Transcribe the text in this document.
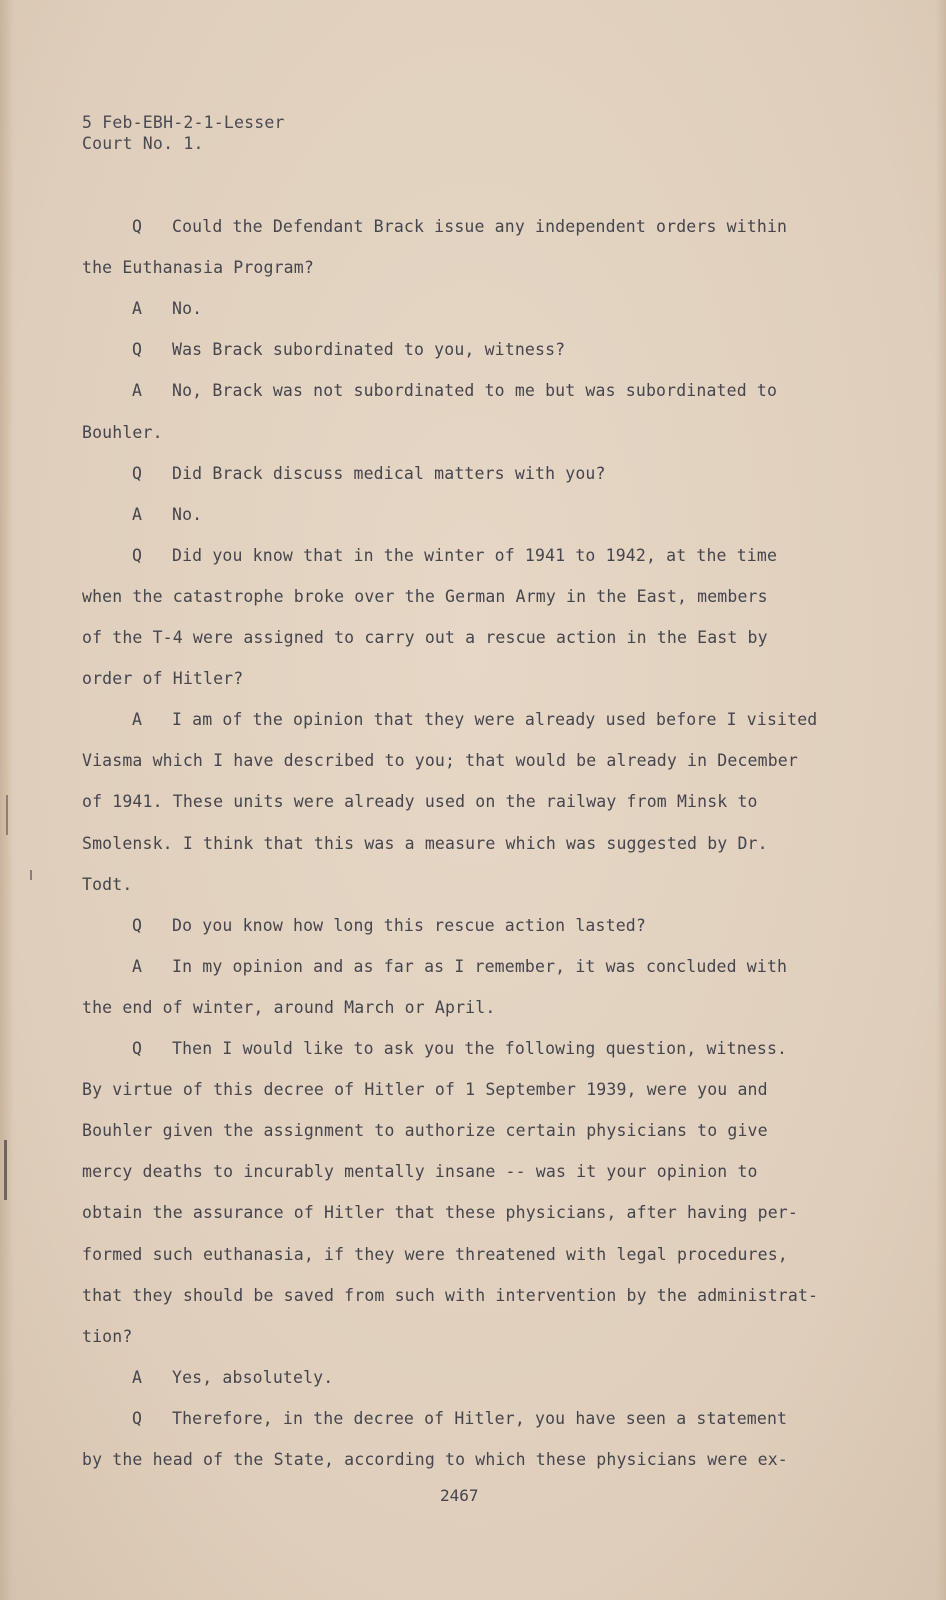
5 Feb-EBH-2-1-Lesser
Court No. 1.
Q Could the Defendant Brack issue any independent orders within
the Euthanasia Program?
A No.
Q Was Brack subordinated to you, witness?
A No, Brack was not subordinated to me but was subordinated to
Bouhler.
Q Did Brack discuss medical matters with you?
A No.
Q Did you know that in the winter of 1941 to 1942, at the time
when the catastrophe broke over the German Army in the East, members
of the T-4 were assigned to carry out a rescue action in the East by
order of Hitler?
A I am of the opinion that they were already used before I visited
Viasma which I have described to you; that would be already in December
of 1941. These units were already used on the railway from Minsk to
Smolensk. I think that this was a measure which was suggested by Dr.
Todt.
Q Do you know how long this rescue action lasted?
A In my opinion and as far as I remember, it was concluded with
the end of winter, around March or April.
Q Then I would like to ask you the following question, witness.
By virtue of this decree of Hitler of 1 September 1939, were you and
Bouhler given the assignment to authorize certain physicians to give
mercy deaths to incurably mentally insane -- was it your opinion to
obtain the assurance of Hitler that these physicians, after having per-
formed such euthanasia, if they were threatened with legal procedures,
that they should be saved from such with intervention by the administrat-
tion?
A Yes, absolutely.
Q Therefore, in the decree of Hitler, you have seen a statement
by the head of the State, according to which these physicians were ex-
2467
